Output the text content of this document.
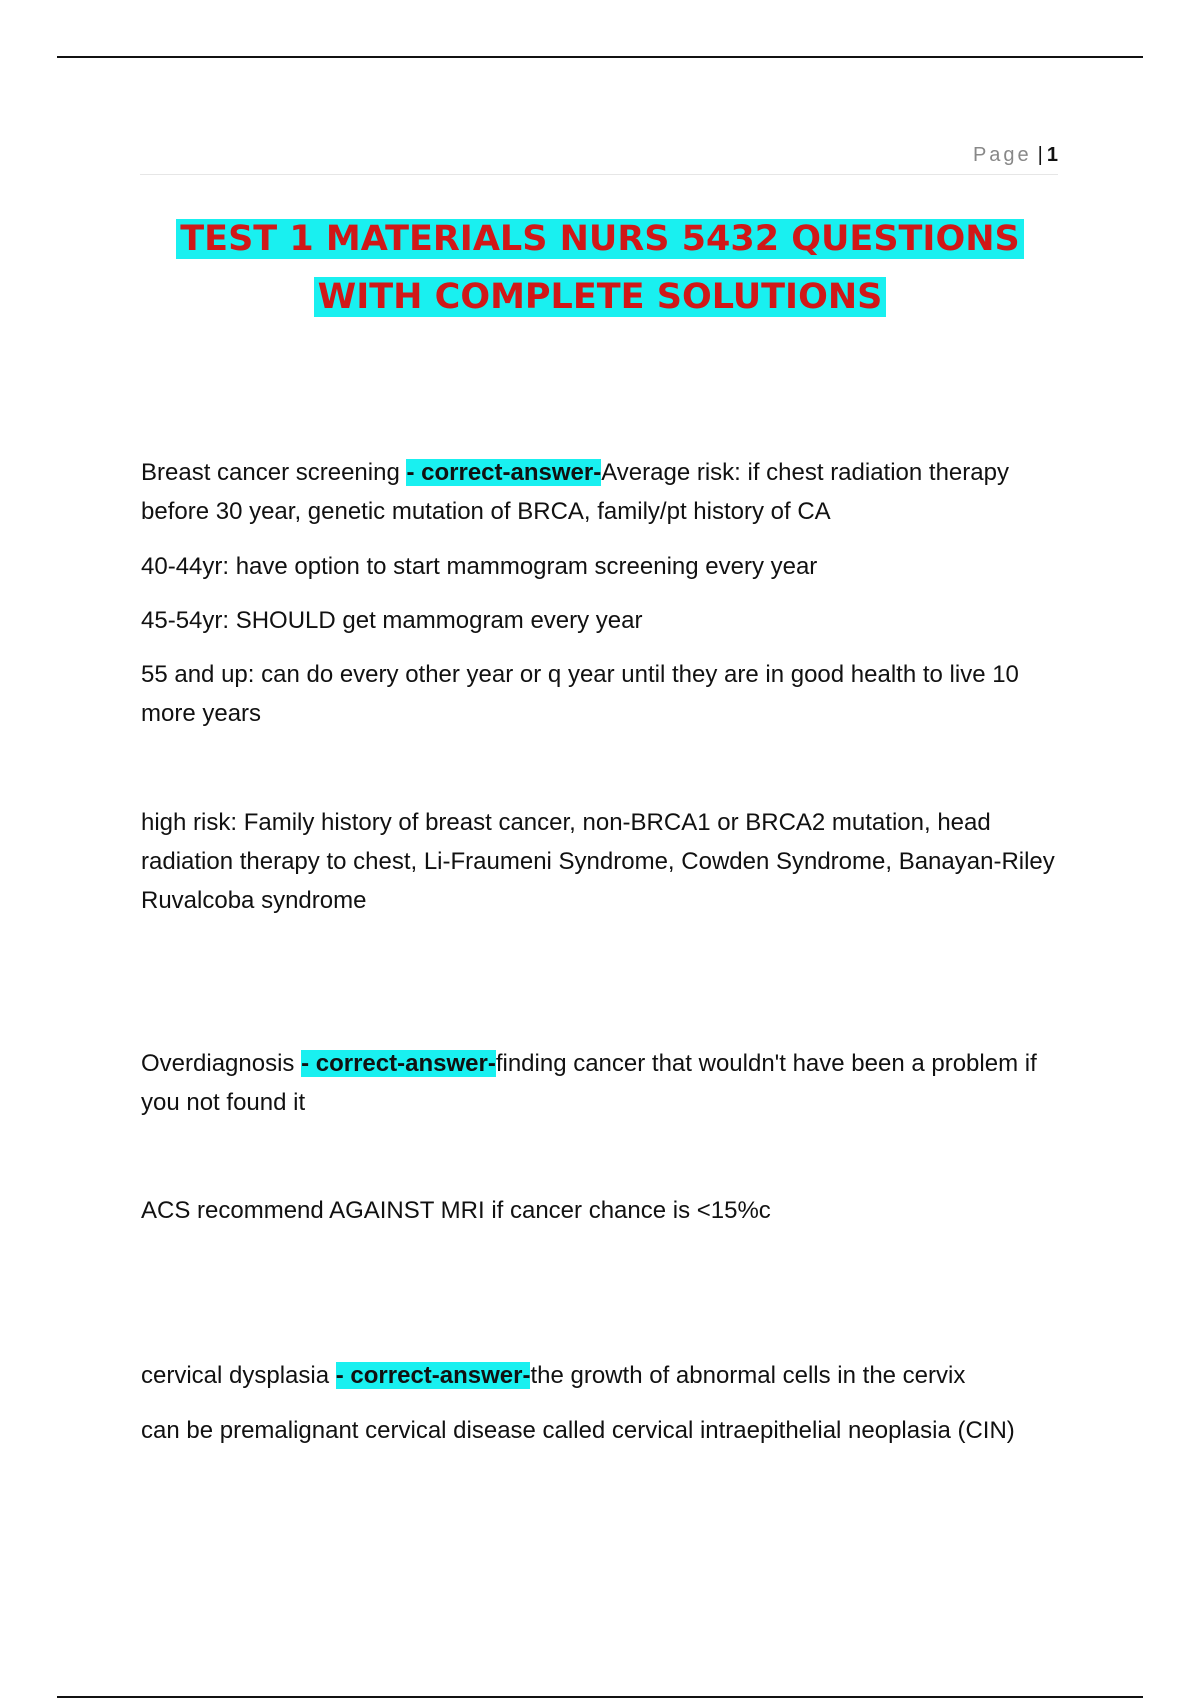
Page | 1
TEST 1 MATERIALS NURS 5432 QUESTIONS
WITH COMPLETE SOLUTIONS
Breast cancer screening - correct-answer-Average risk: if chest radiation therapy before 30 year, genetic mutation of BRCA, family/pt history of CA
40-44yr: have option to start mammogram screening every year
45-54yr: SHOULD get mammogram every year
55 and up: can do every other year or q year until they are in good health to live 10 more years
high risk: Family history of breast cancer, non-BRCA1 or BRCA2 mutation, head radiation therapy to chest, Li-Fraumeni Syndrome, Cowden Syndrome, Banayan-Riley Ruvalcoba syndrome
Overdiagnosis - correct-answer-finding cancer that wouldn't have been a problem if you not found it
ACS recommend AGAINST MRI if cancer chance is <15%c
cervical dysplasia - correct-answer-the growth of abnormal cells in the cervix
can be premalignant cervical disease called cervical intraepithelial neoplasia (CIN)
